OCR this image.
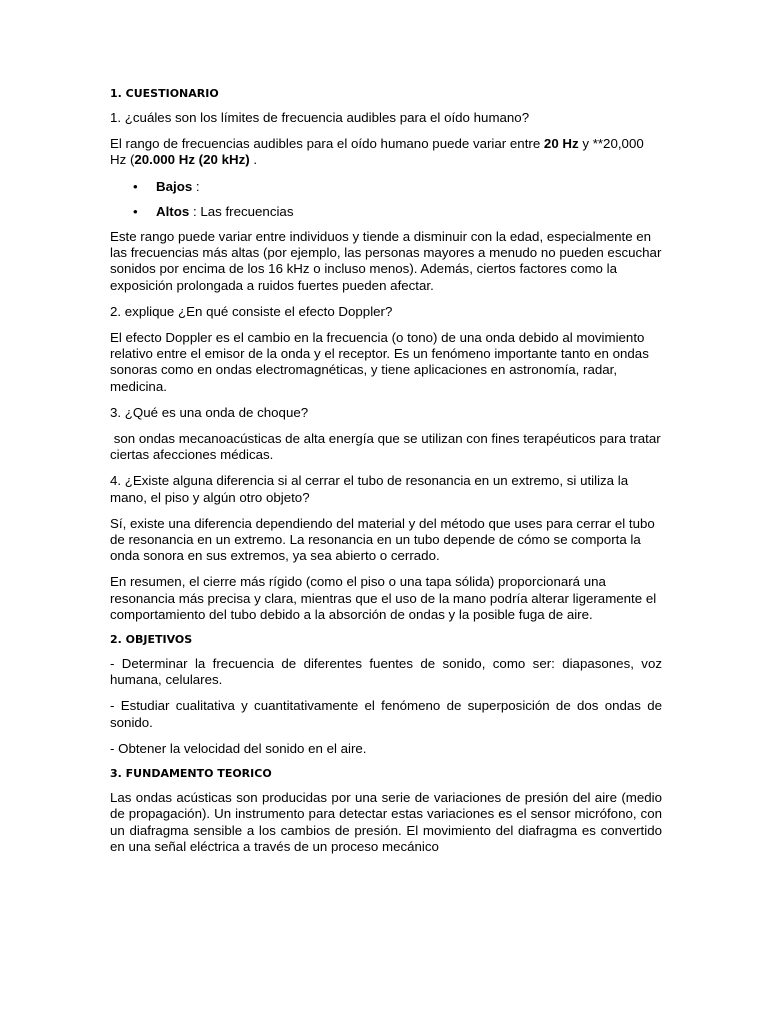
1. CUESTIONARIO

1. ¿cuáles son los límites de frecuencia audibles para el oído humano?

El rango de frecuencias audibles para el oído humano puede variar entre 20 Hz y **20,000 Hz (20.000 Hz (20 kHz) .

• Bajos :
• Altos : Las frecuencias

Este rango puede variar entre individuos y tiende a disminuir con la edad, especialmente en las frecuencias más altas (por ejemplo, las personas mayores a menudo no pueden escuchar sonidos por encima de los 16 kHz o incluso menos). Además, ciertos factores como la exposición prolongada a ruidos fuertes pueden afectar.

2. explique ¿En qué consiste el efecto Doppler?

El efecto Doppler es el cambio en la frecuencia (o tono) de una onda debido al movimiento relativo entre el emisor de la onda y el receptor. Es un fenómeno importante tanto en ondas sonoras como en ondas electromagnéticas, y tiene aplicaciones en astronomía, radar, medicina.

3. ¿Qué es una onda de choque?

son ondas mecanoacústicas de alta energía que se utilizan con fines terapéuticos para tratar ciertas afecciones médicas.

4. ¿Existe alguna diferencia si al cerrar el tubo de resonancia en un extremo, si utiliza la mano, el piso y algún otro objeto?

Sí, existe una diferencia dependiendo del material y del método que uses para cerrar el tubo de resonancia en un extremo. La resonancia en un tubo depende de cómo se comporta la onda sonora en sus extremos, ya sea abierto o cerrado.

En resumen, el cierre más rígido (como el piso o una tapa sólida) proporcionará una resonancia más precisa y clara, mientras que el uso de la mano podría alterar ligeramente el comportamiento del tubo debido a la absorción de ondas y la posible fuga de aire.

2. OBJETIVOS

- Determinar la frecuencia de diferentes fuentes de sonido, como ser: diapasones, voz humana, celulares.

- Estudiar cualitativa y cuantitativamente el fenómeno de superposición de dos ondas de sonido.

- Obtener la velocidad del sonido en el aire.

3. FUNDAMENTO TEORICO

Las ondas acústicas son producidas por una serie de variaciones de presión del aire (medio de propagación). Un instrumento para detectar estas variaciones es el sensor micrófono, con un diafragma sensible a los cambios de presión. El movimiento del diafragma es convertido en una señal eléctrica a través de un proceso mecánico
